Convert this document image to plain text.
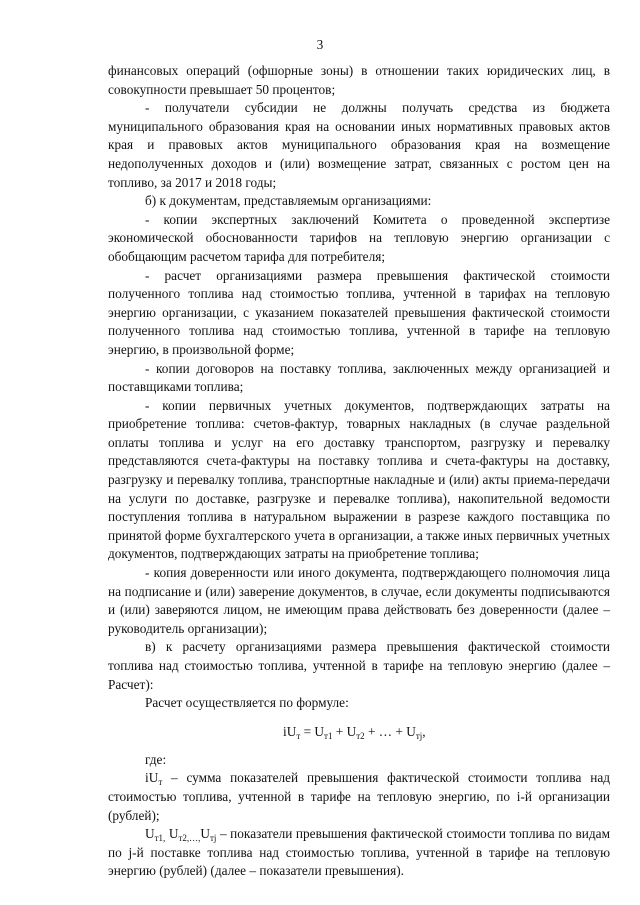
3

финансовых операций (офшорные зоны) в отношении таких юридических лиц, в совокупности превышает 50 процентов;

- получатели субсидии не должны получать средства из бюджета муниципального образования края на основании иных нормативных правовых актов края и правовых актов муниципального образования края на возмещение недополученных доходов и (или) возмещение затрат, связанных с ростом цен на топливо, за 2017 и 2018 годы;

б) к документам, представляемым организациями:

- копии экспертных заключений Комитета о проведенной экспертизе экономической обоснованности тарифов на тепловую энергию организации с обобщающим расчетом тарифа для потребителя;

- расчет организациями размера превышения фактической стоимости полученного топлива над стоимостью топлива, учтенной в тарифах на тепловую энергию организации, с указанием показателей превышения фактической стоимости полученного топлива над стоимостью топлива, учтенной в тарифе на тепловую энергию, в произвольной форме;

- копии договоров на поставку топлива, заключенных между организацией и поставщиками топлива;

- копии первичных учетных документов, подтверждающих затраты на приобретение топлива: счетов-фактур, товарных накладных (в случае раздельной оплаты топлива и услуг на его доставку транспортом, разгрузку и перевалку представляются счета-фактуры на поставку топлива и счета-фактуры на доставку, разгрузку и перевалку топлива, транспортные накладные и (или) акты приема-передачи на услуги по доставке, разгрузке и перевалке топлива), накопительной ведомости поступления топлива в натуральном выражении в разрезе каждого поставщика по принятой форме бухгалтерского учета в организации, а также иных первичных учетных документов, подтверждающих затраты на приобретение топлива;

- копия доверенности или иного документа, подтверждающего полномочия лица на подписание и (или) заверение документов, в случае, если документы подписываются и (или) заверяются лицом, не имеющим права действовать без доверенности (далее – руководитель организации);

в) к расчету организациями размера превышения фактической стоимости топлива над стоимостью топлива, учтенной в тарифе на тепловую энергию (далее – Расчет):

Расчет осуществляется по формуле:

$iU_т = U_{т1} + U_{т2}$ + … + $U_{тj}$,

где:

$iU_т$ – сумма показателей превышения фактической стоимости топлива над стоимостью топлива, учтенной в тарифе на тепловую энергию, по i-й организации (рублей);

$U_{т1,}$ $U_{т2,\dots,}U_{тj}$ – показатели превышения фактической стоимости топлива по видам по j-й поставке топлива над стоимостью топлива, учтенной в тарифе на тепловую энергию (рублей) (далее – показатели превышения).
